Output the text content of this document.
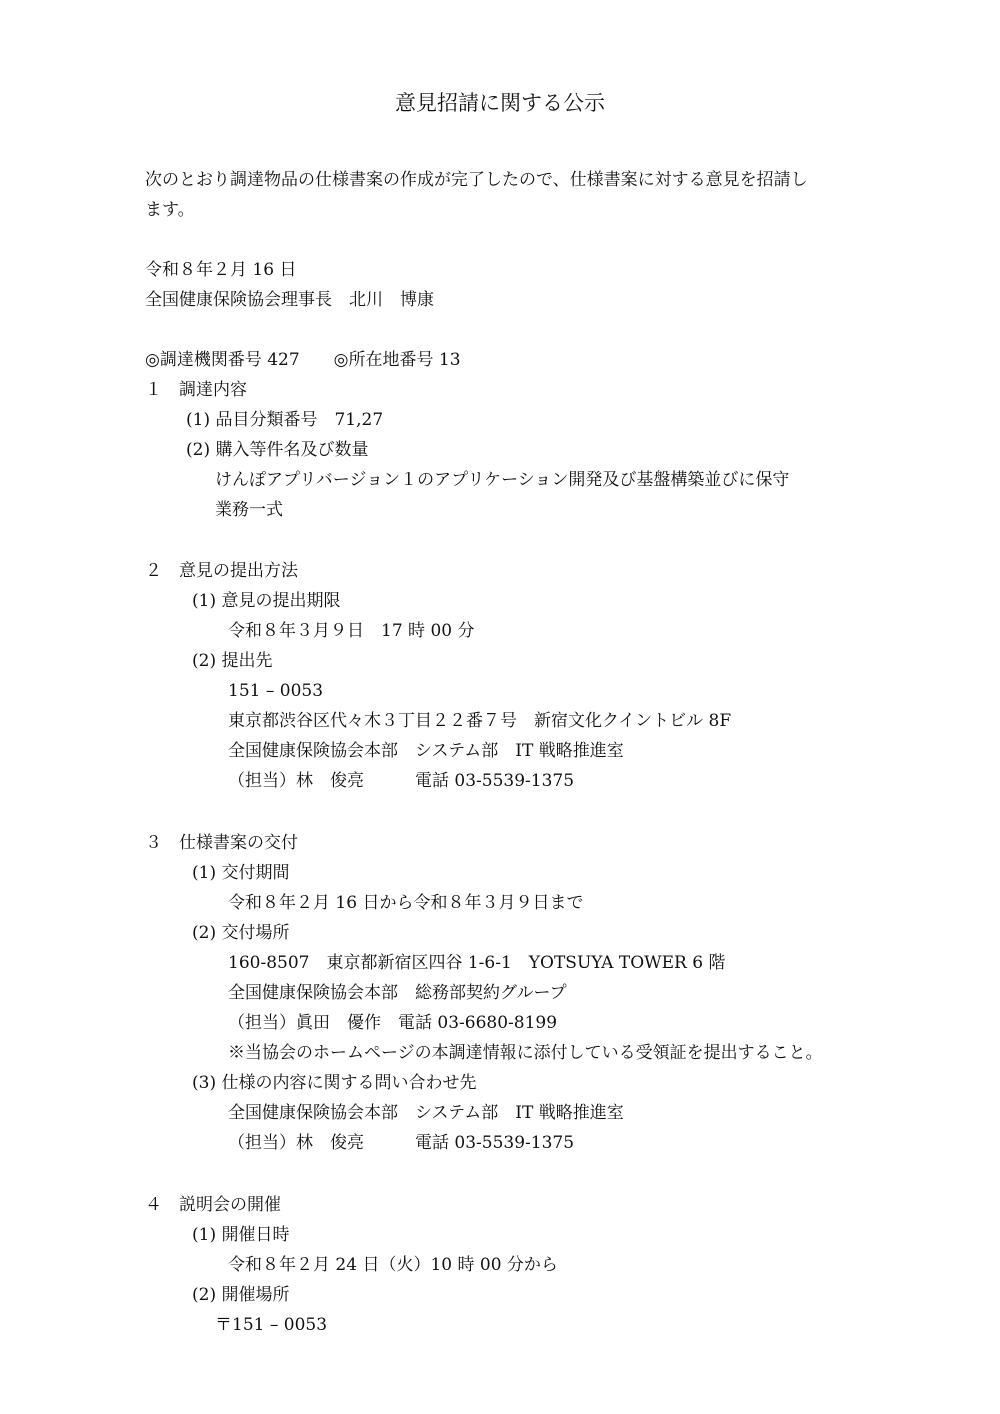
意見招請に関する公示
次のとおり調達物品の仕様書案の作成が完了したので、仕様書案に対する意見を招請し
ます。
令和８年２月 16 日
全国健康保険協会理事長　北川　博康
◎調達機関番号 427　　◎所在地番号 13
１　調達内容
(1) 品目分類番号　71,27
(2) 購入等件名及び数量
けんぽアプリバージョン１のアプリケーション開発及び基盤構築並びに保守
業務一式
２　意見の提出方法
(1) 意見の提出期限
令和８年３月９日　17 時 00 分
(2) 提出先
151 – 0053
東京都渋谷区代々木３丁目２２番７号　新宿文化クイントビル 8F
全国健康保険協会本部　システム部　IT 戦略推進室
（担当）林　俊亮　　　電話 03-5539-1375
３　仕様書案の交付
(1) 交付期間
令和８年２月 16 日から令和８年３月９日まで
(2) 交付場所
160-8507　東京都新宿区四谷 1-6-1　YOTSUYA TOWER 6 階
全国健康保険協会本部　総務部契約グループ
（担当）眞田　優作　電話 03-6680-8199
※当協会のホームページの本調達情報に添付している受領証を提出すること。
(3) 仕様の内容に関する問い合わせ先
全国健康保険協会本部　システム部　IT 戦略推進室
（担当）林　俊亮　　　電話 03-5539-1375
４　説明会の開催
(1) 開催日時
令和８年２月 24 日（火）10 時 00 分から
(2) 開催場所
〒151 – 0053
